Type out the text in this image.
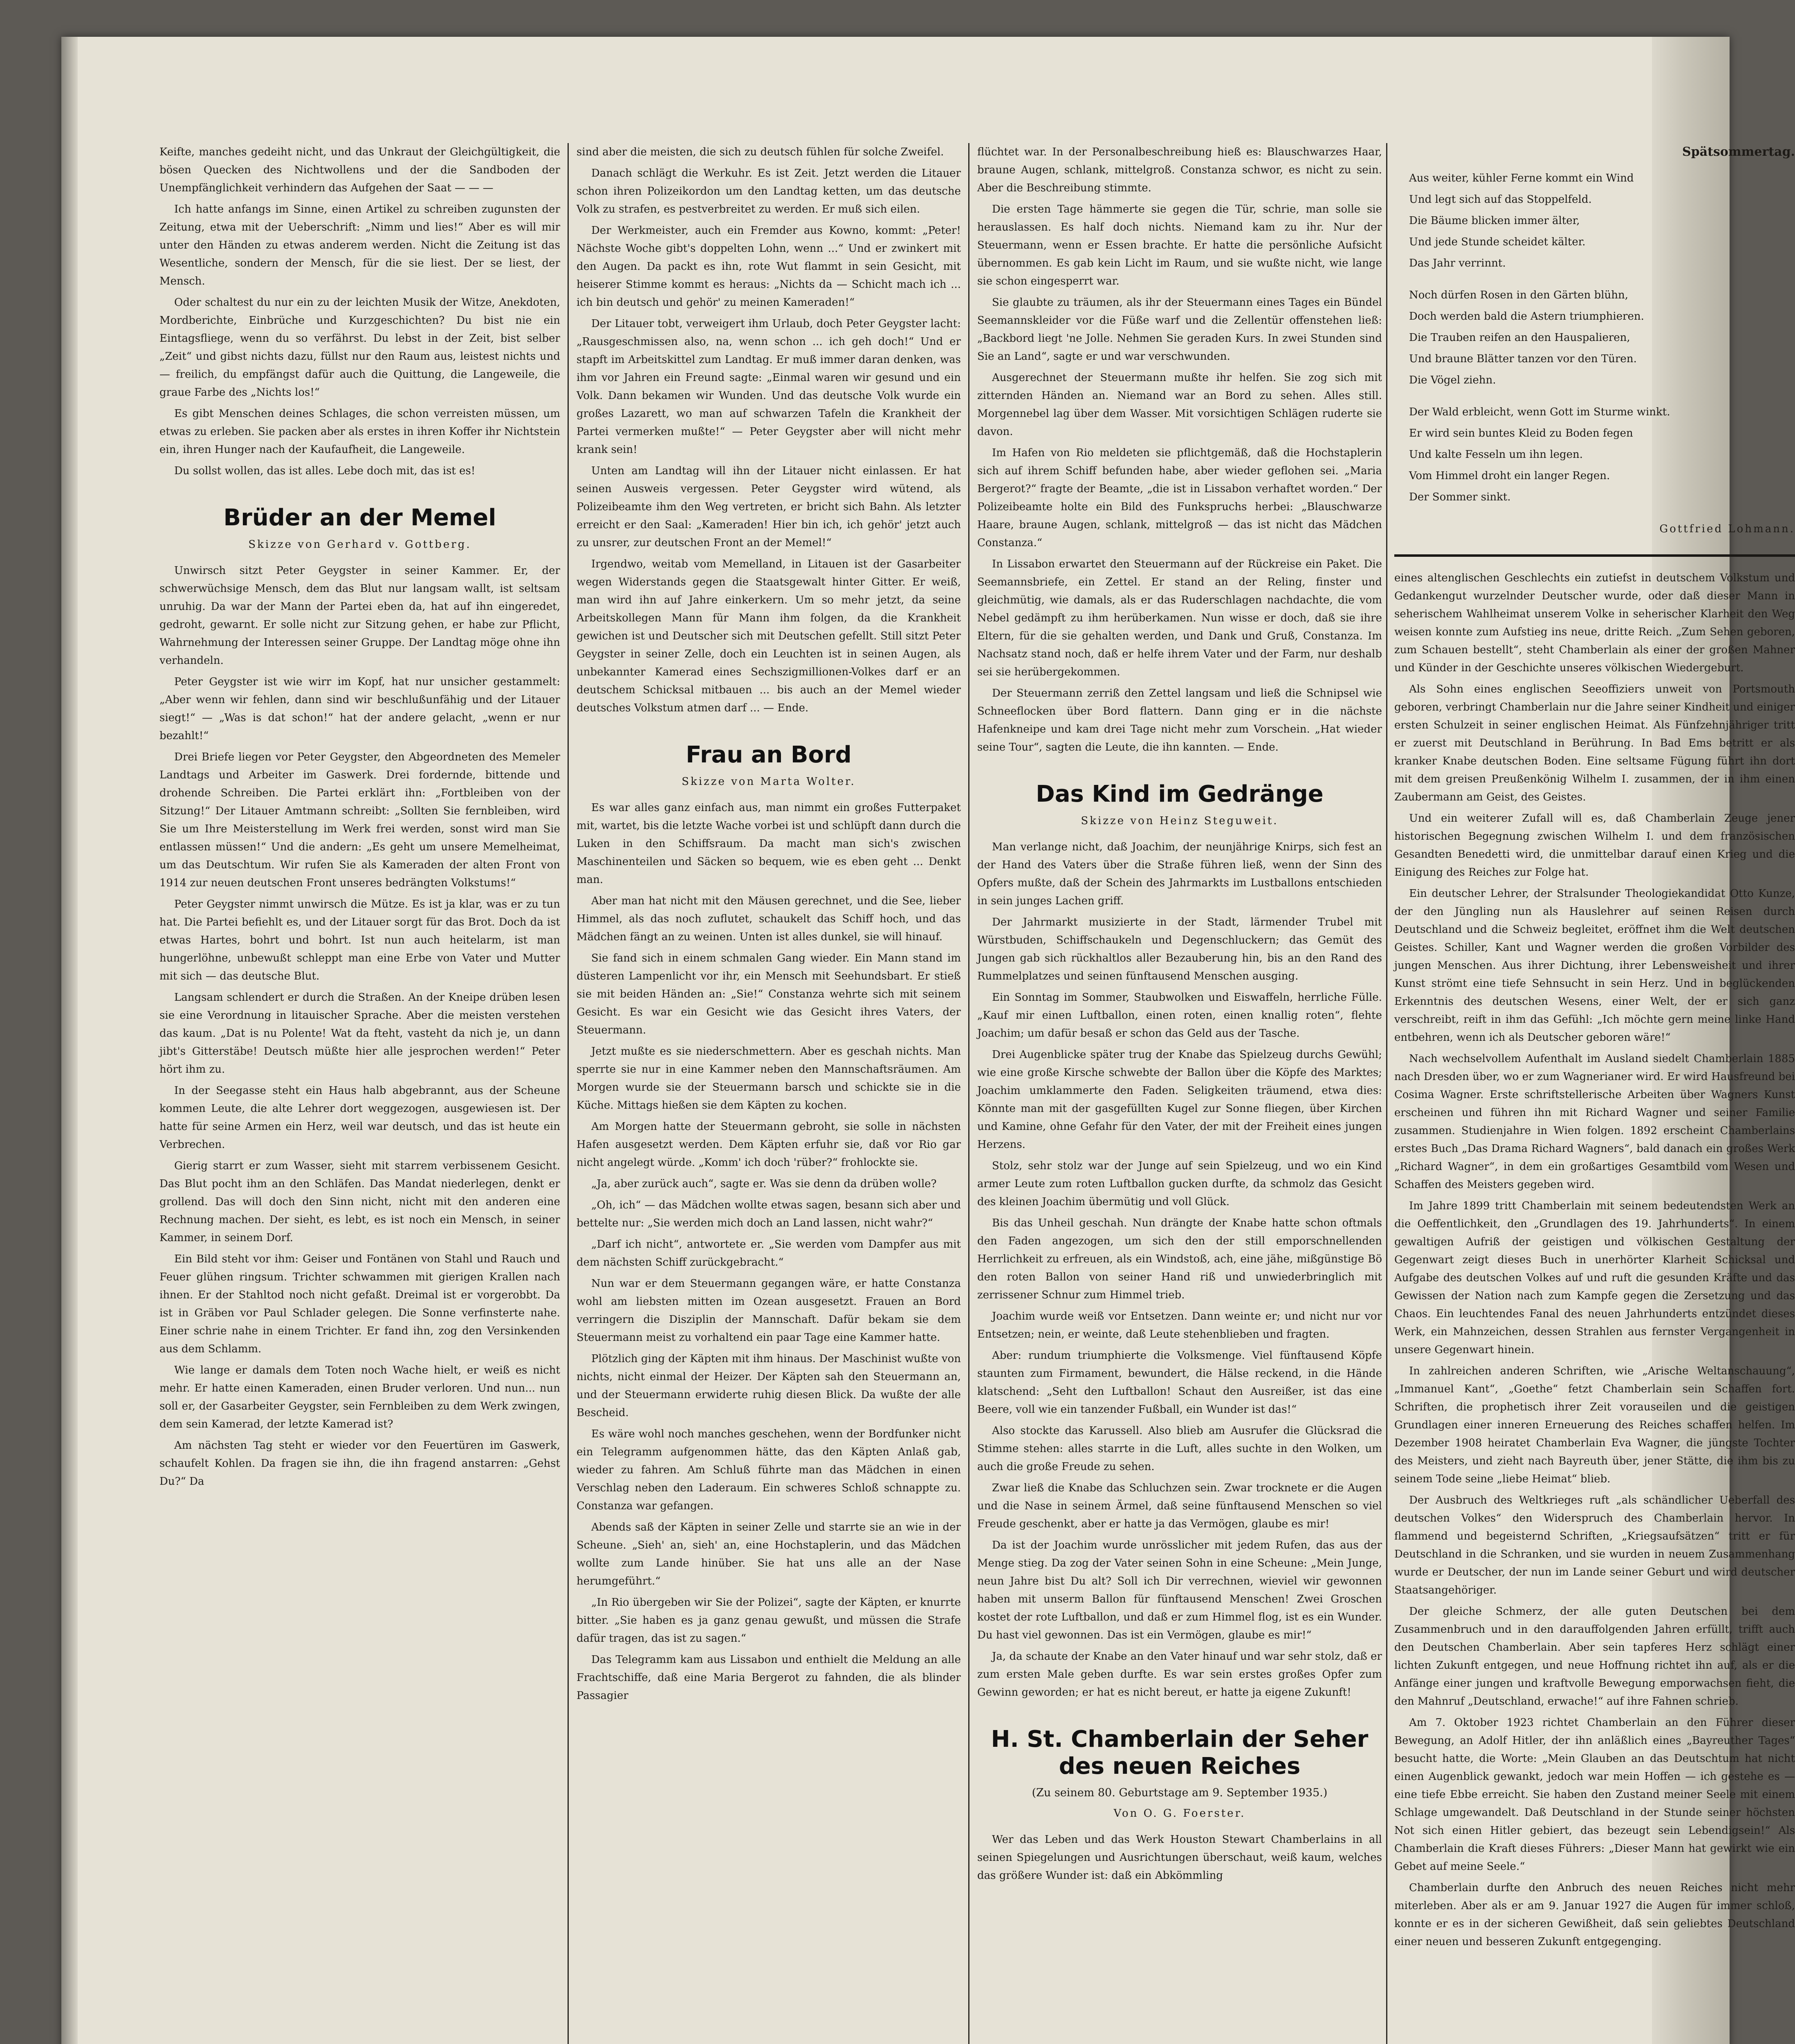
Keifte, manches gedeiht nicht, und das Unkraut der Gleichgültigkeit, die bösen Quecken des Nichtwollens und der die Sandboden der Unempfänglichkeit verhindern das Aufgehen der Saat — — —

Ich hatte anfangs im Sinne, einen Artikel zu schreiben zugunsten der Zeitung, etwa mit der Ueberschrift: „Nimm und lies!“ Aber es will mir unter den Händen zu etwas anderem werden. Nicht die Zeitung ist das Wesentliche, sondern der Mensch, für die sie liest. Der se liest, der Mensch.

Oder schaltest du nur ein zu der leichten Musik der Witze, Anekdoten, Mordberichte, Einbrüche und Kurzgeschichten? Du bist nie ein Eintagsfliege, wenn du so verfährst. Du lebst in der Zeit, bist selber „Zeit“ und gibst nichts dazu, füllst nur den Raum aus, leistest nichts und — freilich, du empfängst dafür auch die Quittung, die Langeweile, die graue Farbe des „Nichts los!“

Es gibt Menschen deines Schlages, die schon verreisten müssen, um etwas zu erleben. Sie packen aber als erstes in ihren Koffer ihr Nichtstein ein, ihren Hunger nach der Kaufaufheit, die Langeweile.

Du sollst wollen, das ist alles. Lebe doch mit, das ist es!

Brüder an der Memel
Skizze von Gerhard v. Gottberg.

Unwirsch sitzt Peter Geygster in seiner Kammer. Er, der schwerwüchsige Mensch, dem das Blut nur langsam wallt, ist seltsam unruhig. Da war der Mann der Partei eben da, hat auf ihn eingeredet, gedroht, gewarnt. Er solle nicht zur Sitzung gehen, er habe zur Pflicht, Wahrnehmung der Interessen seiner Gruppe. Der Landtag möge ohne ihn verhandeln.

Peter Geygster ist wie wirr im Kopf, hat nur unsicher gestammelt: „Aber wenn wir fehlen, dann sind wir beschlußunfähig und der Litauer siegt!“ — „Was is dat schon!“ hat der andere gelacht, „wenn er nur bezahlt!“

Drei Briefe liegen vor Peter Geygster, den Abgeordneten des Memeler Landtags und Arbeiter im Gaswerk. Drei fordernde, bittende und drohende Schreiben. Die Partei erklärt ihn: „Fortbleiben von der Sitzung!“ Der Litauer Amtmann schreibt: „Sollten Sie fernbleiben, wird Sie um Ihre Meisterstellung im Werk frei werden, sonst wird man Sie entlassen müssen!“ Und die andern: „Es geht um unsere Memelheimat, um das Deutschtum. Wir rufen Sie als Kameraden der alten Front von 1914 zur neuen deutschen Front unseres bedrängten Volkstums!“

Peter Geygster nimmt unwirsch die Mütze. Es ist ja klar, was er zu tun hat. Die Partei befiehlt es, und der Litauer sorgt für das Brot. Doch da ist etwas Hartes, bohrt und bohrt. Ist nun auch heitelarm, ist man hungerlöhne, unbewußt schleppt man eine Erbe von Vater und Mutter mit sich — das deutsche Blut.

Langsam schlendert er durch die Straßen. An der Kneipe drüben lesen sie eine Verordnung in litauischer Sprache. Aber die meisten verstehen das kaum. „Dat is nu Polente! Wat da fteht, vasteht da nich je, un dann jibt's Gitterstäbe! Deutsch müßte hier alle jesprochen werden!“ Peter hört ihm zu.

In der Seegasse steht ein Haus halb abgebrannt, aus der Scheune kommen Leute, die alte Lehrer dort weggezogen, ausgewiesen ist. Der hatte für seine Armen ein Herz, weil war deutsch, und das ist heute ein Verbrechen.

Gierig starrt er zum Wasser, sieht mit starrem verbissenem Gesicht. Das Blut pocht ihm an den Schläfen. Das Mandat niederlegen, denkt er grollend. Das will doch den Sinn nicht, nicht mit den anderen eine Rechnung machen. Der sieht, es lebt, es ist noch ein Mensch, in seiner Kammer, in seinem Dorf.

Ein Bild steht vor ihm: Geiser und Fontänen von Stahl und Rauch und Feuer glühen ringsum. Trichter schwammen mit gierigen Krallen nach ihnen. Er der Stahltod noch nicht gefaßt. Dreimal ist er vorgerobbt. Da ist in Gräben vor Paul Schlader gelegen. Die Sonne verfinsterte nahe. Einer schrie nahe in einem Trichter. Er fand ihn, zog den Versinkenden aus dem Schlamm.

Wie lange er damals dem Toten noch Wache hielt, er weiß es nicht mehr. Er hatte einen Kameraden, einen Bruder verloren. Und nun... nun soll er, der Gasarbeiter Geygster, sein Fernbleiben zu dem Werk zwingen, dem sein Kamerad, der letzte Kamerad ist?

Am nächsten Tag steht er wieder vor den Feuertüren im Gaswerk, schaufelt Kohlen. Da fragen sie ihn, die ihn fragend anstarren: „Gehst Du?“ Da

sind aber die meisten, die sich zu deutsch fühlen für solche Zweifel.

Danach schlägt die Werkuhr. Es ist Zeit. Jetzt werden die Litauer schon ihren Polizeikordon um den Landtag ketten, um das deutsche Volk zu strafen, es pestverbreitet zu werden. Er muß sich eilen.

Der Werkmeister, auch ein Fremder aus Kowno, kommt: „Peter! Nächste Woche gibt's doppelten Lohn, wenn ...“ Und er zwinkert mit den Augen. Da packt es ihn, rote Wut flammt in sein Gesicht, mit heiserer Stimme kommt es heraus: „Nichts da — Schicht mach ich ... ich bin deutsch und gehör' zu meinen Kameraden!“

Der Litauer tobt, verweigert ihm Urlaub, doch Peter Geygster lacht: „Rausgeschmissen also, na, wenn schon ... ich geh doch!“ Und er stapft im Arbeitskittel zum Landtag. Er muß immer daran denken, was ihm vor Jahren ein Freund sagte: „Einmal waren wir gesund und ein Volk. Dann bekamen wir Wunden. Und das deutsche Volk wurde ein großes Lazarett, wo man auf schwarzen Tafeln die Krankheit der Partei vermerken mußte!“ — Peter Geygster aber will nicht mehr krank sein!

Unten am Landtag will ihn der Litauer nicht einlassen. Er hat seinen Ausweis vergessen. Peter Geygster wird wütend, als Polizeibeamte ihm den Weg vertreten, er bricht sich Bahn. Als letzter erreicht er den Saal: „Kameraden! Hier bin ich, ich gehör' jetzt auch zu unsrer, zur deutschen Front an der Memel!“

Irgendwo, weitab vom Memelland, in Litauen ist der Gasarbeiter wegen Widerstands gegen die Staatsgewalt hinter Gitter. Er weiß, man wird ihn auf Jahre einkerkern. Um so mehr jetzt, da seine Arbeitskollegen Mann für Mann ihm folgen, da die Krankheit gewichen ist und Deutscher sich mit Deutschen gefellt. Still sitzt Peter Geygster in seiner Zelle, doch ein Leuchten ist in seinen Augen, als unbekannter Kamerad eines Sechszigmillionen-Volkes darf er an deutschem Schicksal mitbauen ... bis auch an der Memel wieder deutsches Volkstum atmen darf ... — Ende.

Frau an Bord
Skizze von Marta Wolter.

Es war alles ganz einfach aus, man nimmt ein großes Futterpaket mit, wartet, bis die letzte Wache vorbei ist und schlüpft dann durch die Luken in den Schiffsraum. Da macht man sich's zwischen Maschinenteilen und Säcken so bequem, wie es eben geht ... Denkt man.

Aber man hat nicht mit den Mäusen gerechnet, und die See, lieber Himmel, als das noch zuflutet, schaukelt das Schiff hoch, und das Mädchen fängt an zu weinen. Unten ist alles dunkel, sie will hinauf.

Sie fand sich in einem schmalen Gang wieder. Ein Mann stand im düsteren Lampenlicht vor ihr, ein Mensch mit Seehundsbart. Er stieß sie mit beiden Händen an: „Sie!“ Constanza wehrte sich mit seinem Gesicht. Es war ein Gesicht wie das Gesicht ihres Vaters, der Steuermann.

Jetzt mußte es sie niederschmettern. Aber es geschah nichts. Man sperrte sie nur in eine Kammer neben den Mannschaftsräumen. Am Morgen wurde sie der Steuermann barsch und schickte sie in die Küche. Mittags hießen sie dem Käpten zu kochen.

Am Morgen hatte der Steuermann gebroht, sie solle in nächsten Hafen ausgesetzt werden. Dem Käpten erfuhr sie, daß vor Rio gar nicht angelegt würde. „Komm' ich doch 'rüber?“ frohlockte sie.

„Ja, aber zurück auch“, sagte er. Was sie denn da drüben wolle?

„Oh, ich“ — das Mädchen wollte etwas sagen, besann sich aber und bettelte nur: „Sie werden mich doch an Land lassen, nicht wahr?“

„Darf ich nicht“, antwortete er. „Sie werden vom Dampfer aus mit dem nächsten Schiff zurückgebracht.“

Nun war er dem Steuermann gegangen wäre, er hatte Constanza wohl am liebsten mitten im Ozean ausgesetzt. Frauen an Bord verringern die Disziplin der Mannschaft. Dafür bekam sie dem Steuermann meist zu vorhaltend ein paar Tage eine Kammer hatte.

Plötzlich ging der Käpten mit ihm hinaus. Der Maschinist wußte von nichts, nicht einmal der Heizer. Der Käpten sah den Steuermann an, und der Steuermann erwiderte ruhig diesen Blick. Da wußte der alle Bescheid.

Es wäre wohl noch manches geschehen, wenn der Bordfunker nicht ein Telegramm aufgenommen hätte, das den Käpten Anlaß gab, wieder zu fahren. Am Schluß führte man das Mädchen in einen Verschlag neben den Laderaum. Ein schweres Schloß schnappte zu. Constanza war gefangen.

Abends saß der Käpten in seiner Zelle und starrte sie an wie in der Scheune. „Sieh' an, sieh' an, eine Hochstaplerin, und das Mädchen wollte zum Lande hinüber. Sie hat uns alle an der Nase herumgeführt.“

„In Rio übergeben wir Sie der Polizei“, sagte der Käpten, er knurrte bitter. „Sie haben es ja ganz genau gewußt, und müssen die Strafe dafür tragen, das ist zu sagen.“

Das Telegramm kam aus Lissabon und enthielt die Meldung an alle Frachtschiffe, daß eine Maria Bergerot zu fahnden, die als blinder Passagier

flüchtet war. In der Personalbeschreibung hieß es: Blauschwarzes Haar, braune Augen, schlank, mittelgroß. Constanza schwor, es nicht zu sein. Aber die Beschreibung stimmte.

Die ersten Tage hämmerte sie gegen die Tür, schrie, man solle sie herauslassen. Es half doch nichts. Niemand kam zu ihr. Nur der Steuermann, wenn er Essen brachte. Er hatte die persönliche Aufsicht übernommen. Es gab kein Licht im Raum, und sie wußte nicht, wie lange sie schon eingesperrt war.

Sie glaubte zu träumen, als ihr der Steuermann eines Tages ein Bündel Seemannskleider vor die Füße warf und die Zellentür offenstehen ließ: „Backbord liegt 'ne Jolle. Nehmen Sie geraden Kurs. In zwei Stunden sind Sie an Land“, sagte er und war verschwunden.

Ausgerechnet der Steuermann mußte ihr helfen. Sie zog sich mit zitternden Händen an. Niemand war an Bord zu sehen. Alles still. Morgennebel lag über dem Wasser. Mit vorsichtigen Schlägen ruderte sie davon.

Im Hafen von Rio meldeten sie pflichtgemäß, daß die Hochstaplerin sich auf ihrem Schiff befunden habe, aber wieder geflohen sei. „Maria Bergerot?“ fragte der Beamte, „die ist in Lissabon verhaftet worden.“ Der Polizeibeamte holte ein Bild des Funkspruchs herbei: „Blauschwarze Haare, braune Augen, schlank, mittelgroß — das ist nicht das Mädchen Constanza.“

In Lissabon erwartet den Steuermann auf der Rückreise ein Paket. Die Seemannsbriefe, ein Zettel. Er stand an der Reling, finster und gleichmütig, wie damals, als er das Ruderschlagen nachdachte, die vom Nebel gedämpft zu ihm herüberkamen. Nun wisse er doch, daß sie ihre Eltern, für die sie gehalten werden, und Dank und Gruß, Constanza. Im Nachsatz stand noch, daß er helfe ihrem Vater und der Farm, nur deshalb sei sie herübergekommen.

Der Steuermann zerriß den Zettel langsam und ließ die Schnipsel wie Schneeflocken über Bord flattern. Dann ging er in die nächste Hafenkneipe und kam drei Tage nicht mehr zum Vorschein. „Hat wieder seine Tour“, sagten die Leute, die ihn kannten. — Ende.

Das Kind im Gedränge
Skizze von Heinz Steguweit.

Man verlange nicht, daß Joachim, der neunjährige Knirps, sich fest an der Hand des Vaters über die Straße führen ließ, wenn der Sinn des Opfers mußte, daß der Schein des Jahrmarkts im Lustballons entschieden in sein junges Lachen griff.

Der Jahrmarkt musizierte in der Stadt, lärmender Trubel mit Würstbuden, Schiffschaukeln und Degenschluckern; das Gemüt des Jungen gab sich rückhaltlos aller Bezauberung hin, bis an den Rand des Rummelplatzes und seinen fünftausend Menschen ausging.

Ein Sonntag im Sommer, Staubwolken und Eiswaffeln, herrliche Fülle. „Kauf mir einen Luftballon, einen roten, einen knallig roten“, flehte Joachim; um dafür besaß er schon das Geld aus der Tasche.

Drei Augenblicke später trug der Knabe das Spielzeug durchs Gewühl; wie eine große Kirsche schwebte der Ballon über die Köpfe des Marktes; Joachim umklammerte den Faden. Seligkeiten träumend, etwa dies: Könnte man mit der gasgefüllten Kugel zur Sonne fliegen, über Kirchen und Kamine, ohne Gefahr für den Vater, der mit der Freiheit eines jungen Herzens.

Stolz, sehr stolz war der Junge auf sein Spielzeug, und wo ein Kind armer Leute zum roten Luftballon gucken durfte, da schmolz das Gesicht des kleinen Joachim übermütig und voll Glück.

Bis das Unheil geschah. Nun drängte der Knabe hatte schon oftmals den Faden angezogen, um sich den der still emporschnellenden Herrlichkeit zu erfreuen, als ein Windstoß, ach, eine jähe, mißgünstige Bö den roten Ballon von seiner Hand riß und unwiederbringlich mit zerrissener Schnur zum Himmel trieb.

Joachim wurde weiß vor Entsetzen. Dann weinte er; und nicht nur vor Entsetzen; nein, er weinte, daß Leute stehenblieben und fragten.

Aber: rundum triumphierte die Volksmenge. Viel fünftausend Köpfe staunten zum Firmament, bewundert, die Hälse reckend, in die Hände klatschend: „Seht den Luftballon! Schaut den Ausreißer, ist das eine Beere, voll wie ein tanzender Fußball, ein Wunder ist das!“

Also stockte das Karussell. Also blieb am Ausrufer die Glücksrad die Stimme stehen: alles starrte in die Luft, alles suchte in den Wolken, um auch die große Freude zu sehen.

Zwar ließ die Knabe das Schluchzen sein. Zwar trocknete er die Augen und die Nase in seinem Ärmel, daß seine fünftausend Menschen so viel Freude geschenkt, aber er hatte ja das Vermögen, glaube es mir!

Da ist der Joachim wurde unrösslicher mit jedem Rufen, das aus der Menge stieg. Da zog der Vater seinen Sohn in eine Scheune: „Mein Junge, neun Jahre bist Du alt? Soll ich Dir verrechnen, wieviel wir gewonnen haben mit unserm Ballon für fünftausend Menschen! Zwei Groschen kostet der rote Luftballon, und daß er zum Himmel flog, ist es ein Wunder. Du hast viel gewonnen. Das ist ein Vermögen, glaube es mir!“

Ja, da schaute der Knabe an den Vater hinauf und war sehr stolz, daß er zum ersten Male geben durfte. Es war sein erstes großes Opfer zum Gewinn geworden; er hat es nicht bereut, er hatte ja eigene Zukunft!

H. St. Chamberlain der Seher des neuen Reiches
(Zu seinem 80. Geburtstage am 9. September 1935.)
Von O. G. Foerster.

Wer das Leben und das Werk Houston Stewart Chamberlains in all seinen Spiegelungen und Ausrichtungen überschaut, weiß kaum, welches das größere Wunder ist: daß ein Abkömmling

Spätsommertag.

Aus weiter, kühler Ferne kommt ein Wind

Und legt sich auf das Stoppelfeld.

Die Bäume blicken immer älter,

Und jede Stunde scheidet kälter.

Das Jahr verrinnt.

Noch dürfen Rosen in den Gärten blühn,

Doch werden bald die Astern triumphieren.

Die Trauben reifen an den Hauspalieren,

Und braune Blätter tanzen vor den Türen.

Die Vögel ziehn.

Der Wald erbleicht, wenn Gott im Sturme winkt.

Er wird sein buntes Kleid zu Boden fegen

Und kalte Fesseln um ihn legen.

Vom Himmel droht ein langer Regen.

Der Sommer sinkt.

Gottfried Lohmann.

eines altenglischen Geschlechts ein zutiefst in deutschem Volkstum und Gedankengut wurzelnder Deutscher wurde, oder daß dieser Mann in seherischem Wahlheimat unserem Volke in seherischer Klarheit den Weg weisen konnte zum Aufstieg ins neue, dritte Reich. „Zum Sehen geboren, zum Schauen bestellt“, steht Chamberlain als einer der großen Mahner und Künder in der Geschichte unseres völkischen Wiedergeburt.

Als Sohn eines englischen Seeoffiziers unweit von Portsmouth geboren, verbringt Chamberlain nur die Jahre seiner Kindheit und einiger ersten Schulzeit in seiner englischen Heimat. Als Fünfzehnjähriger tritt er zuerst mit Deutschland in Berührung. In Bad Ems betritt er als kranker Knabe deutschen Boden. Eine seltsame Fügung führt ihn dort mit dem greisen Preußenkönig Wilhelm I. zusammen, der in ihm einen Zaubermann am Geist, des Geistes.

Und ein weiterer Zufall will es, daß Chamberlain Zeuge jener historischen Begegnung zwischen Wilhelm I. und dem französischen Gesandten Benedetti wird, die unmittelbar darauf einen Krieg und die Einigung des Reiches zur Folge hat.

Ein deutscher Lehrer, der Stralsunder Theologiekandidat Otto Kunze, der den Jüngling nun als Hauslehrer auf seinen Reisen durch Deutschland und die Schweiz begleitet, eröffnet ihm die Welt deutschen Geistes. Schiller, Kant und Wagner werden die großen Vorbilder des jungen Menschen. Aus ihrer Dichtung, ihrer Lebensweisheit und ihrer Kunst strömt eine tiefe Sehnsucht in sein Herz. Und in beglückenden Erkenntnis des deutschen Wesens, einer Welt, der er sich ganz verschreibt, reift in ihm das Gefühl: „Ich möchte gern meine linke Hand entbehren, wenn ich als Deutscher geboren wäre!“

Nach wechselvollem Aufenthalt im Ausland siedelt Chamberlain 1885 nach Dresden über, wo er zum Wagnerianer wird. Er wird Hausfreund bei Cosima Wagner. Erste schriftstellerische Arbeiten über Wagners Kunst erscheinen und führen ihn mit Richard Wagner und seiner Familie zusammen. Studienjahre in Wien folgen. 1892 erscheint Chamberlains erstes Buch „Das Drama Richard Wagners“, bald danach ein großes Werk „Richard Wagner“, in dem ein großartiges Gesamtbild vom Wesen und Schaffen des Meisters gegeben wird.

Im Jahre 1899 tritt Chamberlain mit seinem bedeutendsten Werk an die Oeffentlichkeit, den „Grundlagen des 19. Jahrhunderts“. In einem gewaltigen Aufriß der geistigen und völkischen Gestaltung der Gegenwart zeigt dieses Buch in unerhörter Klarheit Schicksal und Aufgabe des deutschen Volkes auf und ruft die gesunden Kräfte und das Gewissen der Nation nach zum Kampfe gegen die Zersetzung und das Chaos. Ein leuchtendes Fanal des neuen Jahrhunderts entzündet dieses Werk, ein Mahnzeichen, dessen Strahlen aus fernster Vergangenheit in unsere Gegenwart hinein.

In zahlreichen anderen Schriften, wie „Arische Weltanschauung“, „Immanuel Kant“, „Goethe“ fetzt Chamberlain sein Schaffen fort. Schriften, die prophetisch ihrer Zeit vorauseilen und die geistigen Grundlagen einer inneren Erneuerung des Reiches schaffen helfen. Im Dezember 1908 heiratet Chamberlain Eva Wagner, die jüngste Tochter des Meisters, und zieht nach Bayreuth über, jener Stätte, die ihm bis zu seinem Tode seine „liebe Heimat“ blieb.

Der Ausbruch des Weltkrieges ruft „als schändlicher Ueberfall des deutschen Volkes“ den Widerspruch des Chamberlain hervor. In flammend und begeisternd Schriften, „Kriegsaufsätzen“ tritt er für Deutschland in die Schranken, und sie wurden in neuem Zusammenhang wurde er Deutscher, der nun im Lande seiner Geburt und wird deutscher Staatsangehöriger.

Der gleiche Schmerz, der alle guten Deutschen bei dem Zusammenbruch und in den darauffolgenden Jahren erfüllt, trifft auch den Deutschen Chamberlain. Aber sein tapferes Herz schlägt einer lichten Zukunft entgegen, und neue Hoffnung richtet ihn auf, als er die Anfänge einer jungen und kraftvolle Bewegung emporwachsen fieht, die den Mahnruf „Deutschland, erwache!“ auf ihre Fahnen schrieb.

Am 7. Oktober 1923 richtet Chamberlain an den Führer dieser Bewegung, an Adolf Hitler, der ihn anläßlich eines „Bayreuther Tages“ besucht hatte, die Worte: „Mein Glauben an das Deutschtum hat nicht einen Augenblick gewankt, jedoch war mein Hoffen — ich gestehe es — eine tiefe Ebbe erreicht. Sie haben den Zustand meiner Seele mit einem Schlage umgewandelt. Daß Deutschland in der Stunde seiner höchsten Not sich einen Hitler gebiert, das bezeugt sein Lebendigsein!“ Als Chamberlain die Kraft dieses Führers: „Dieser Mann hat gewirkt wie ein Gebet auf meine Seele.“

Chamberlain durfte den Anbruch des neuen Reiches nicht mehr miterleben. Aber als er am 9. Januar 1927 die Augen für immer schloß, konnte er es in der sicheren Gewißheit, daß sein geliebtes Deutschland einer neuen und besseren Zukunft entgegenging.
